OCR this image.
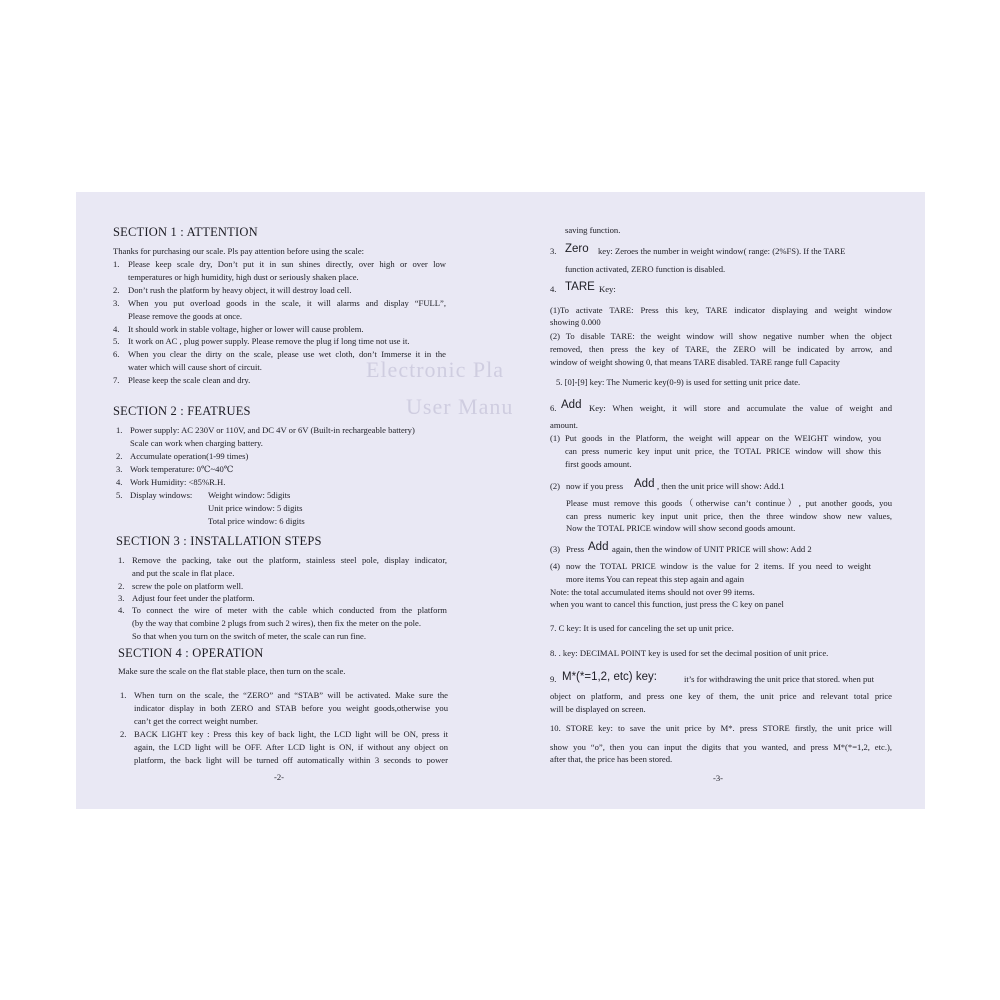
Electronic Pla
User Manu
SECTION 1 : ATTENTION
Thanks for purchasing our scale. Pls pay attention before using the scale:
1. Please keep scale dry, Don’t put it in sun shines directly, over high or over low
temperatures or high humidity, high dust or seriously shaken place.
2. Don’t rush the platform by heavy object, it will destroy load cell.
3. When you put overload goods in the scale, it will alarms and display “FULL”,
Please remove the goods at once.
4. It should work in stable voltage, higher or lower will cause problem.
5. It work on AC , plug power supply. Please remove the plug if long time not use it.
6. When you clear the dirty on the scale, please use wet cloth, don’t Immerse it in the
water which will cause short of circuit.
7. Please keep the scale clean and dry.
SECTION 2 : FEATRUES
1. Power supply: AC 230V or 110V, and DC 4V or 6V (Built-in rechargeable battery)
Scale can work when charging battery.
2. Accumulate operation(1-99 times)
3. Work temperature: 0℃~40℃
4. Work Humidity: <85%R.H.
5. Display windows: Weight window: 5digits
Unit price window: 5 digits
Total price window: 6 digits
SECTION 3 : INSTALLATION STEPS
1. Remove the packing, take out the platform, stainless steel pole, display indicator,
and put the scale in flat place.
2. screw the pole on platform well.
3. Adjust four feet under the platform.
4. To connect the wire of meter with the cable which conducted from the platform
(by the way that combine 2 plugs from such 2 wires), then fix the meter on the pole.
So that when you turn on the switch of meter, the scale can run fine.
SECTION 4 : OPERATION
Make sure the scale on the flat stable place, then turn on the scale.
1. When turn on the scale, the “ZERO” and “STAB” will be activated. Make sure the
indicator display in both ZERO and STAB before you weight goods,otherwise you
can’t get the correct weight number.
2. BACK LIGHT key : Press this key of back light, the LCD light will be ON, press it
again, the LCD light will be OFF. After LCD light is ON, if without any object on
platform, the back light will be turned off automatically within 3 seconds to power
-2-
saving function.
3. Zero key: Zeroes the number in weight window( range: (2%FS). If the TARE
function activated, ZERO function is disabled.
4. TARE Key:
(1)To activate TARE: Press this key, TARE indicator displaying and weight window
showing 0.000
(2) To disable TARE: the weight window will show negative number when the object
removed, then press the key of TARE, the ZERO will be indicated by arrow, and
window of weight showing 0, that means TARE disabled. TARE range full Capacity
5. [0]-[9] key: The Numeric key(0-9) is used for setting unit price date.
6. Add Key: When weight, it will store and accumulate the value of weight and
amount.
(1) Put goods in the Platform, the weight will appear on the WEIGHT window, you
can press numeric key input unit price, the TOTAL PRICE window will show this
first goods amount.
(2) now if you press Add , then the unit price will show: Add.1
Please must remove this goods（otherwise can’t continue）, put another goods, you
can press numeric key input unit price, then the three window show new values,
Now the TOTAL PRICE window will show second goods amount.
(3) Press Add again, then the window of UNIT PRICE will show: Add 2
(4) now the TOTAL PRICE window is the value for 2 items. If you need to weight
more items You can repeat this step again and again
Note: the total accumulated items should not over 99 items.
when you want to cancel this function, just press the C key on panel
7. C key: It is used for canceling the set up unit price.
8. . key: DECIMAL POINT key is used for set the decimal position of unit price.
9. M*(*=1,2, etc) key:	it’s for withdrawing the unit price that stored. when put
object on platform, and press one key of them, the unit price and relevant total price
will be displayed on screen.
10. STORE key: to save the unit price by M*. press STORE firstly, the unit price will
show you “o”, then you can input the digits that you wanted, and press M*(*=1,2, etc.),
after that, the price has been stored.
-3-
